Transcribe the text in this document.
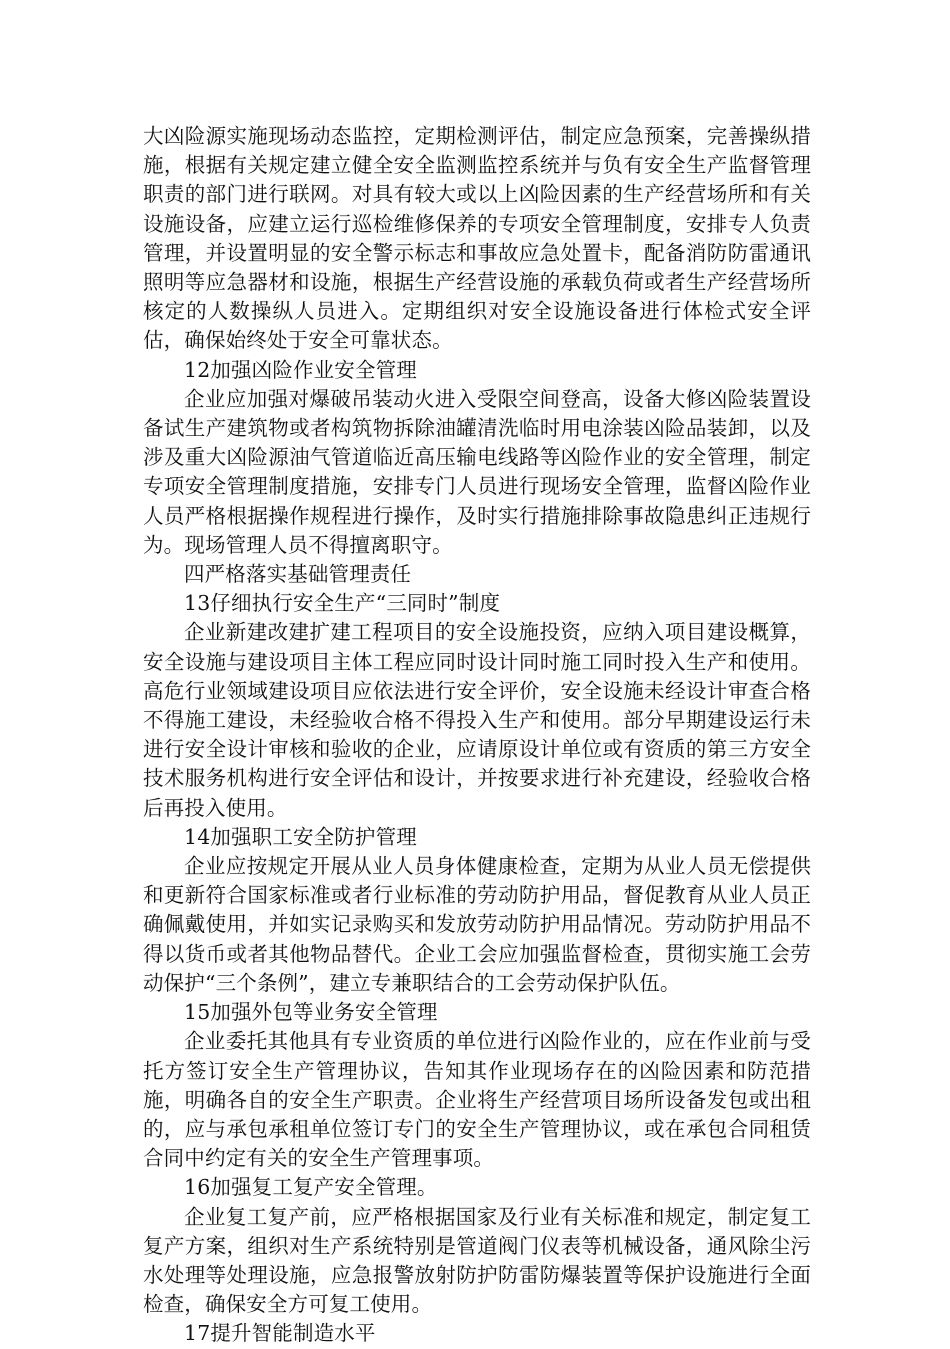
大凶险源实施现场动态监控，定期检测评估，制定应急预案，完善操纵措施，根据有关规定建立健全安全监测监控系统并与负有安全生产监督管理职责的部门进行联网。对具有较大或以上凶险因素的生产经营场所和有关设施设备，应建立运行巡检维修保养的专项安全管理制度，安排专人负责管理，并设置明显的安全警示标志和事故应急处置卡，配备消防防雷通讯照明等应急器材和设施，根据生产经营设施的承载负荷或者生产经营场所核定的人数操纵人员进入。定期组织对安全设施设备进行体检式安全评估，确保始终处于安全可靠状态。

12加强凶险作业安全管理

企业应加强对爆破吊装动火进入受限空间登高，设备大修凶险装置设备试生产建筑物或者构筑物拆除油罐清洗临时用电涂装凶险品装卸，以及涉及重大凶险源油气管道临近高压输电线路等凶险作业的安全管理，制定专项安全管理制度措施，安排专门人员进行现场安全管理，监督凶险作业人员严格根据操作规程进行操作，及时实行措施排除事故隐患纠正违规行为。现场管理人员不得擅离职守。

四严格落实基础管理责任

13仔细执行安全生产“三同时”制度

企业新建改建扩建工程项目的安全设施投资，应纳入项目建设概算，安全设施与建设项目主体工程应同时设计同时施工同时投入生产和使用。高危行业领域建设项目应依法进行安全评价，安全设施未经设计审查合格不得施工建设，未经验收合格不得投入生产和使用。部分早期建设运行未进行安全设计审核和验收的企业，应请原设计单位或有资质的第三方安全技术服务机构进行安全评估和设计，并按要求进行补充建设，经验收合格后再投入使用。

14加强职工安全防护管理

企业应按规定开展从业人员身体健康检查，定期为从业人员无偿提供和更新符合国家标准或者行业标准的劳动防护用品，督促教育从业人员正确佩戴使用，并如实记录购买和发放劳动防护用品情况。劳动防护用品不得以货币或者其他物品替代。企业工会应加强监督检查，贯彻实施工会劳动保护“三个条例”，建立专兼职结合的工会劳动保护队伍。

15加强外包等业务安全管理

企业委托其他具有专业资质的单位进行凶险作业的，应在作业前与受托方签订安全生产管理协议，告知其作业现场存在的凶险因素和防范措施，明确各自的安全生产职责。企业将生产经营项目场所设备发包或出租的，应与承包承租单位签订专门的安全生产管理协议，或在承包合同租赁合同中约定有关的安全生产管理事项。

16加强复工复产安全管理。

企业复工复产前，应严格根据国家及行业有关标准和规定，制定复工复产方案，组织对生产系统特别是管道阀门仪表等机械设备，通风除尘污水处理等处理设施，应急报警放射防护防雷防爆装置等保护设施进行全面检查，确保安全方可复工使用。

17提升智能制造水平
